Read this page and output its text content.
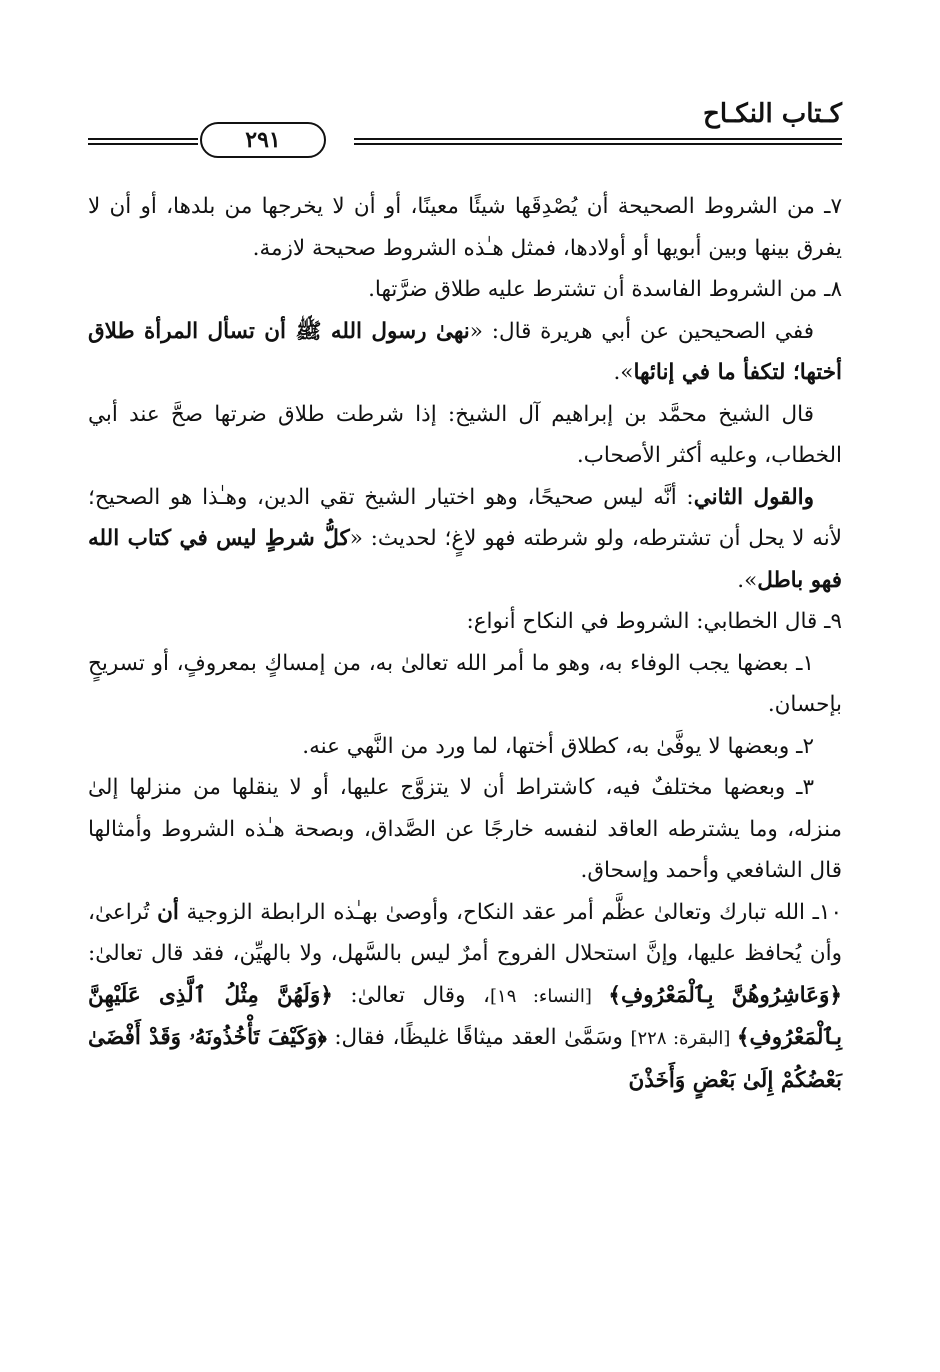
كـتاب النكـاح
٢٩١

٧ـ من الشروط الصحيحة أن يُصْدِقَها شيئًا معينًا، أو أن لا يخرجها من بلدها، أو أن لا يفرق بينها وبين أبويها أو أولادها، فمثل هـٰذه الشروط صحيحة لازمة.

٨ـ من الشروط الفاسدة أن تشترط عليه طلاق ضرَّتها.

ففي الصحيحين عن أبي هريرة قال: «نهىٰ رسول الله ﷺ أن تسأل المرأة طلاق أختها؛ لتكفأ ما في إنائها».

قال الشيخ محمَّد بن إبراهيم آل الشيخ: إذا شرطت طلاق ضرتها صحَّ عند أبي الخطاب، وعليه أكثر الأصحاب.

والقول الثاني: أنَّه ليس صحيحًا، وهو اختيار الشيخ تقي الدين، وهـٰذا هو الصحيح؛ لأنه لا يحل أن تشترطه، ولو شرطته فهو لاغٍ؛ لحديث: «كلُّ شرطٍ ليس في كتاب الله فهو باطل».

٩ـ قال الخطابي: الشروط في النكاح أنواع:

١ـ بعضها يجب الوفاء به، وهو ما أمر الله تعالىٰ به، من إمساكٍ بمعروفٍ، أو تسريحٍ بإحسان.

٢ـ وبعضها لا يوفَّىٰ به، كطلاق أختها، لما ورد من النَّهي عنه.

٣ـ وبعضها مختلفٌ فيه، كاشتراط أن لا يتزوَّج عليها، أو لا ينقلها من منزلها إلىٰ منزله، وما يشترطه العاقد لنفسه خارجًا عن الصَّداق، وبصحة هـٰذه الشروط وأمثالها قال الشافعي وأحمد وإسحاق.

١٠ـ الله تبارك وتعالىٰ عظَّم أمر عقد النكاح، وأوصىٰ بهـٰذه الرابطة الزوجية أن تُراعىٰ، وأن يُحافظ عليها، وإنَّ استحلال الفروج أمرٌ ليس بالسَّهل، ولا بالهيِّن، فقد قال تعالىٰ: ﴿وَعَاشِرُوهُنَّ بِٱلْمَعْرُوفِ﴾ [النساء: ١٩]، وقال تعالىٰ: ﴿وَلَهُنَّ مِثْلُ ٱلَّذِى عَلَيْهِنَّ بِٱلْمَعْرُوفِ﴾ [البقرة: ٢٢٨] وسَمَّىٰ العقد ميثاقًا غليظًا، فقال: ﴿وَكَيْفَ تَأْخُذُونَهُۥ وَقَدْ أَفْضَىٰ بَعْضُكُمْ إِلَىٰ بَعْضٍ وَأَخَذْنَ
